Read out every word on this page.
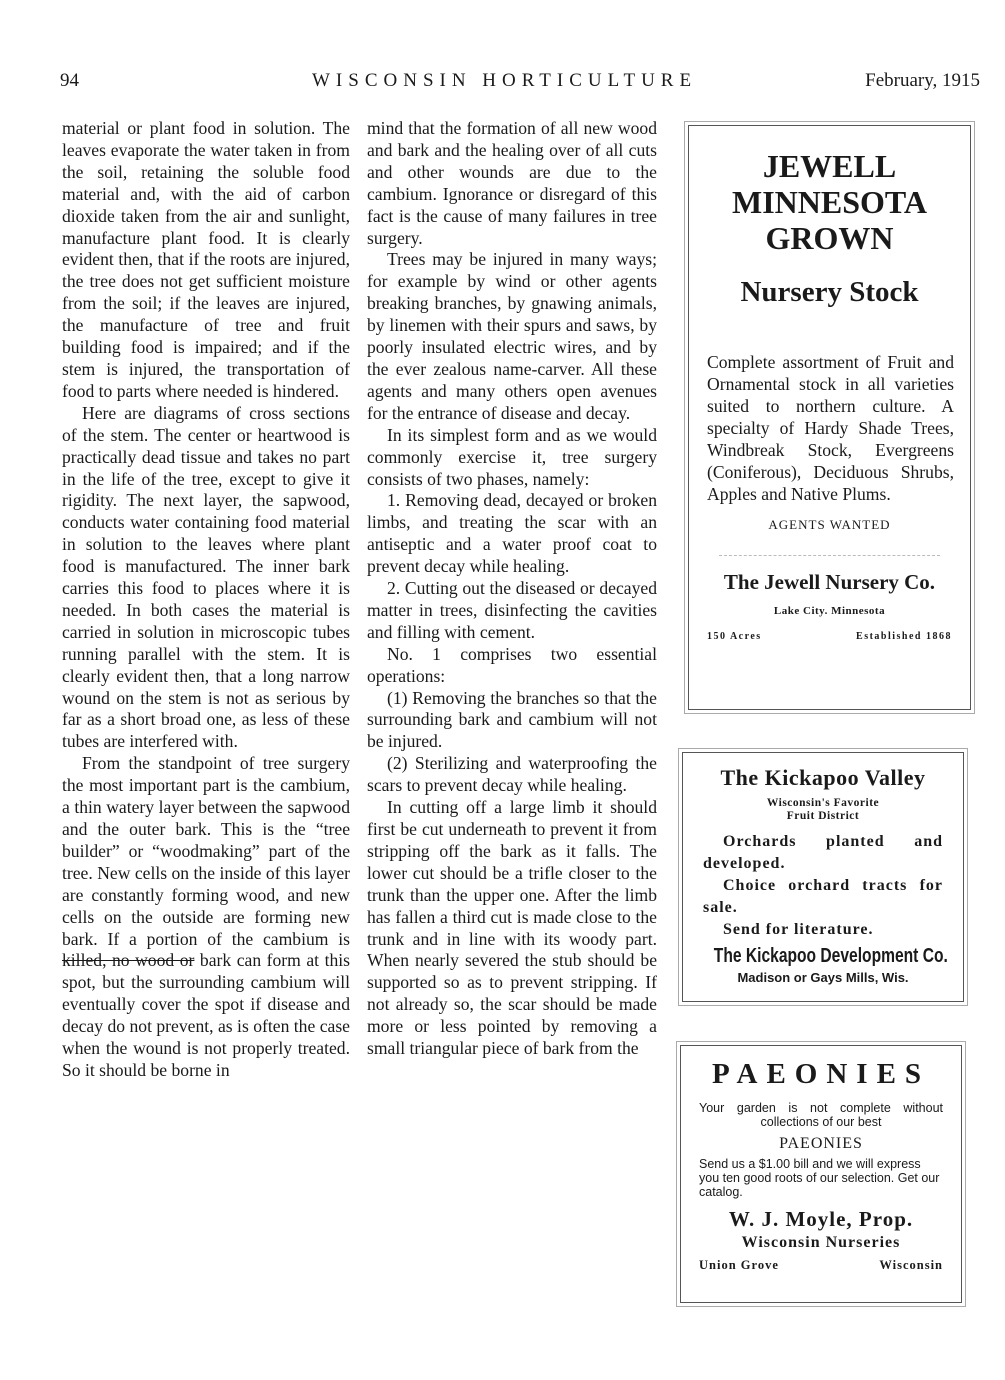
94	WISCONSIN HORTICULTURE	February, 1915

material or plant food in solution. The leaves evaporate the water taken in from the soil, retaining the soluble food material and, with the aid of carbon dioxide taken from the air and sunlight, manufacture plant food. It is clearly evident then, that if the roots are injured, the tree does not get sufficient moisture from the soil; if the leaves are injured, the manufacture of tree and fruit building food is impaired; and if the stem is injured, the transportation of food to parts where needed is hindered.

Here are diagrams of cross sections of the stem. The center or heartwood is practically dead tissue and takes no part in the life of the tree, except to give it rigidity. The next layer, the sapwood, conducts water containing food material in solution to the leaves where plant food is manufactured. The inner bark carries this food to places where it is needed. In both cases the material is carried in solution in microscopic tubes running parallel with the stem. It is clearly evident then, that a long narrow wound on the stem is not as serious by far as a short broad one, as less of these tubes are interfered with.

From the standpoint of tree surgery the most important part is the cambium, a thin watery layer between the sapwood and the outer bark. This is the “tree builder” or “woodmaking” part of the tree. New cells on the inside of this layer are constantly forming wood, and new cells on the outside are forming new bark. If a portion of the cambium is killed, no wood or bark can form at this spot, but the surrounding cambium will eventually cover the spot if disease and decay do not prevent, as is often the case when the wound is not properly treated. So it should be borne in

mind that the formation of all new wood and bark and the healing over of all cuts and other wounds are due to the cambium. Ignorance or disregard of this fact is the cause of many failures in tree surgery.

Trees may be injured in many ways; for example by wind or other agents breaking branches, by gnawing animals, by linemen with their spurs and saws, by poorly insulated electric wires, and by the ever zealous name-carver. All these agents and many others open avenues for the entrance of disease and decay.

In its simplest form and as we would commonly exercise it, tree surgery consists of two phases, namely:

1. Removing dead, decayed or broken limbs, and treating the scar with an antiseptic and a water proof coat to prevent decay while healing.

2. Cutting out the diseased or decayed matter in trees, disinfecting the cavities and filling with cement.

No. 1 comprises two essential operations:

(1) Removing the branches so that the surrounding bark and cambium will not be injured.

(2) Sterilizing and waterproofing the scars to prevent decay while healing.

In cutting off a large limb it should first be cut underneath to prevent it from stripping off the bark as it falls. The lower cut should be a trifle closer to the trunk than the upper one. After the limb has fallen a third cut is made close to the trunk and in line with its woody part. When nearly severed the stub should be supported so as to prevent stripping. If not already so, the scar should be made more or less pointed by removing a small triangular piece of bark from the

JEWELL
MINNESOTA
GROWN
Nursery Stock
Complete assortment of Fruit and Ornamental stock in all varieties suited to northern culture. A specialty of Hardy Shade Trees, Windbreak Stock, Evergreens (Coniferous), Deciduous Shrubs, Apples and Native Plums.
AGENTS WANTED
The Jewell Nursery Co.
Lake City. Minnesota
150 Acres	Established 1868
The Kickapoo Valley
Wisconsin's Favorite
Fruit District
Orchards planted and developed.
Choice orchard tracts for sale.
Send for literature.
The Kickapoo Development Co.
Madison or Gays Mills, Wis.
PAEONIES
Your garden is not complete without collections of our best
PAEONIES
Send us a $1.00 bill and we will express you ten good roots of our selection. Get our catalog.
W. J. Moyle, Prop.
Wisconsin Nurseries
Union Grove	Wisconsin
